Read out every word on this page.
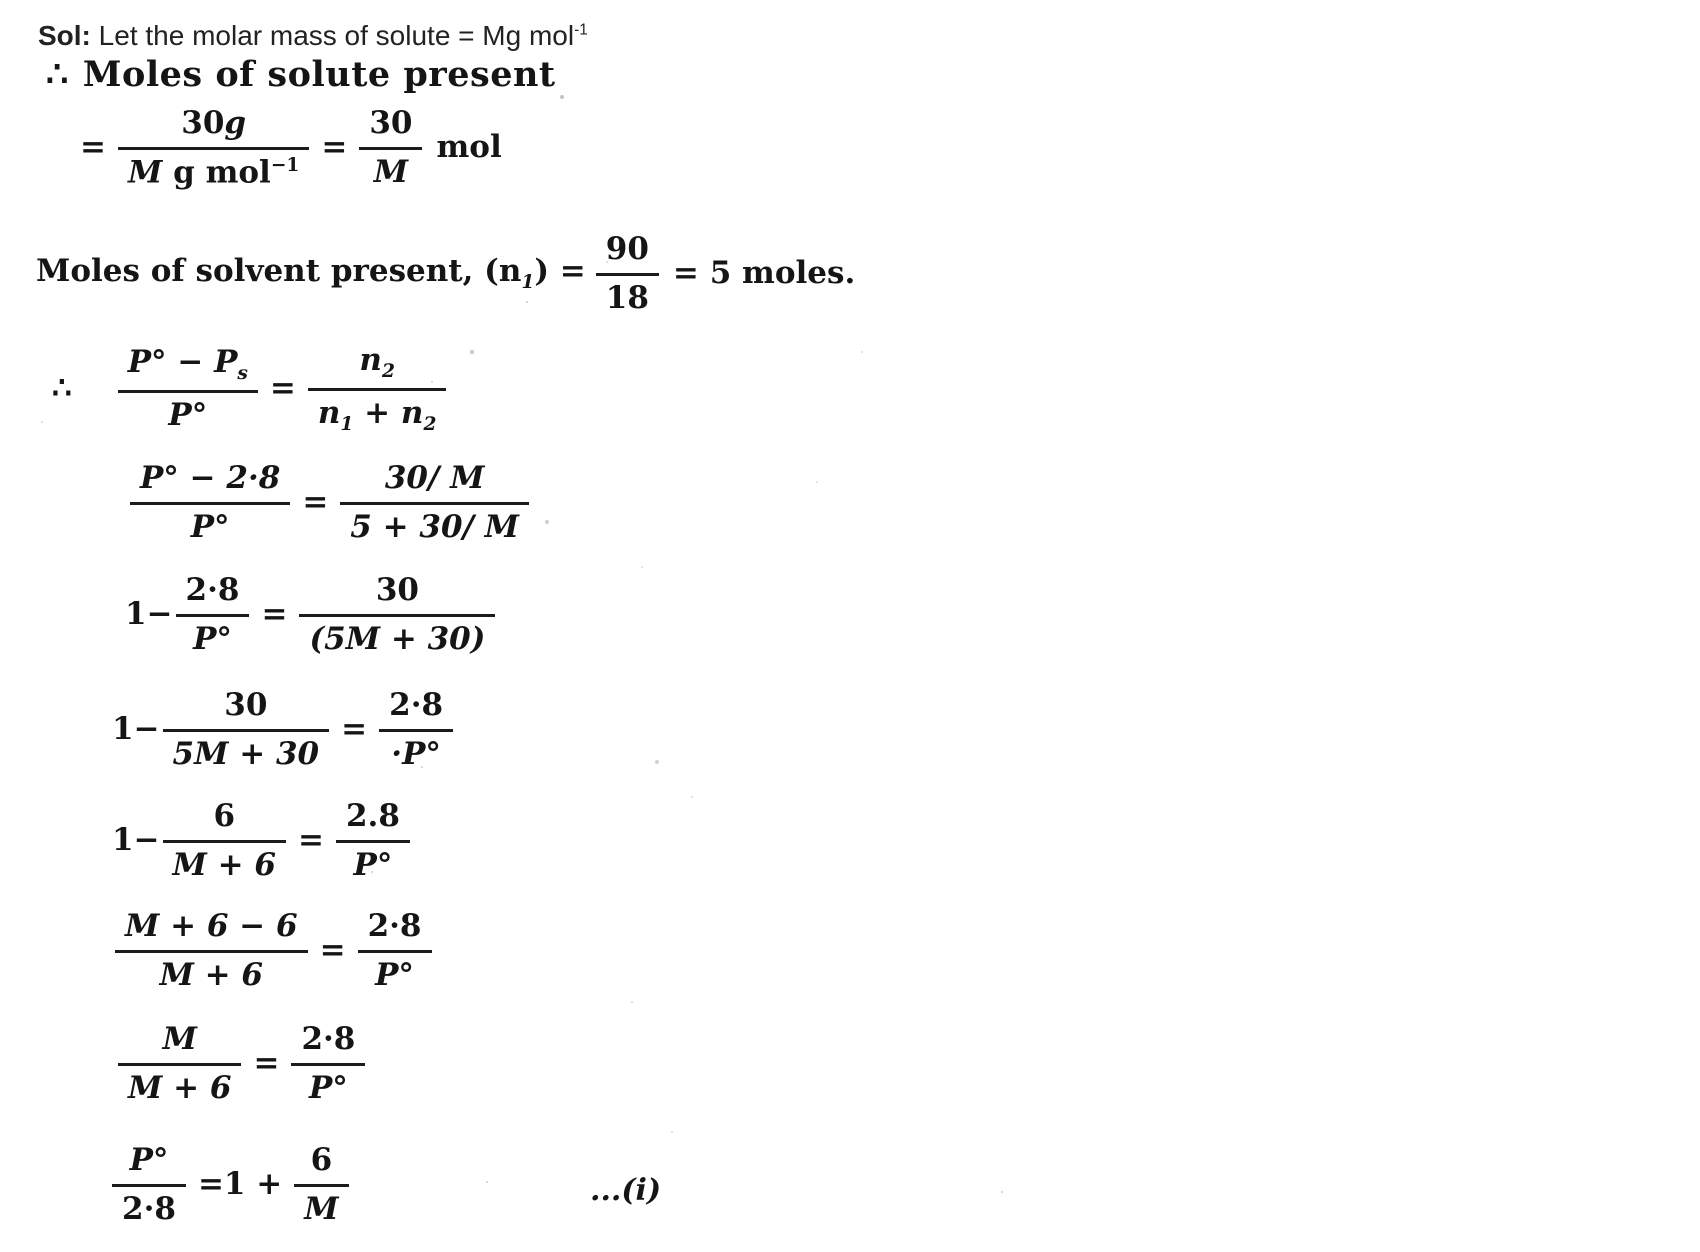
Sol: Let the molar mass of solute = Mg mol$^{-1}$
∴ Moles of solute present
= $\frac{30g}{M g mol^{-1}} = \frac{30}{M}$ mol
Moles of solvent present, $(n_1) = \frac{90}{18} = 5$ moles.
∴ $\frac{P^\circ - P_s}{P^\circ} = \frac{n_2}{n_1 + n_2}$
$\frac{P^\circ - 2\cdot 8}{P^\circ} = \frac{30/ M}{5 + 30/ M}$
$1- \frac{2\cdot 8}{P^\circ} = \frac{30}{(5M + 30)}$
$1- \frac{30}{5M + 30} = \frac{2\cdot 8}{\cdot P^\circ}$
$1- \frac{6}{M + 6} = \frac{2.8}{P^\circ}$
$\frac{M + 6 - 6}{M + 6} = \frac{2\cdot 8}{P^\circ}$
$\frac{M}{M + 6} = \frac{2\cdot 8}{P^\circ}$
$\frac{P^\circ}{2\cdot 8} =1 + \frac{6}{M}$	...(i)
